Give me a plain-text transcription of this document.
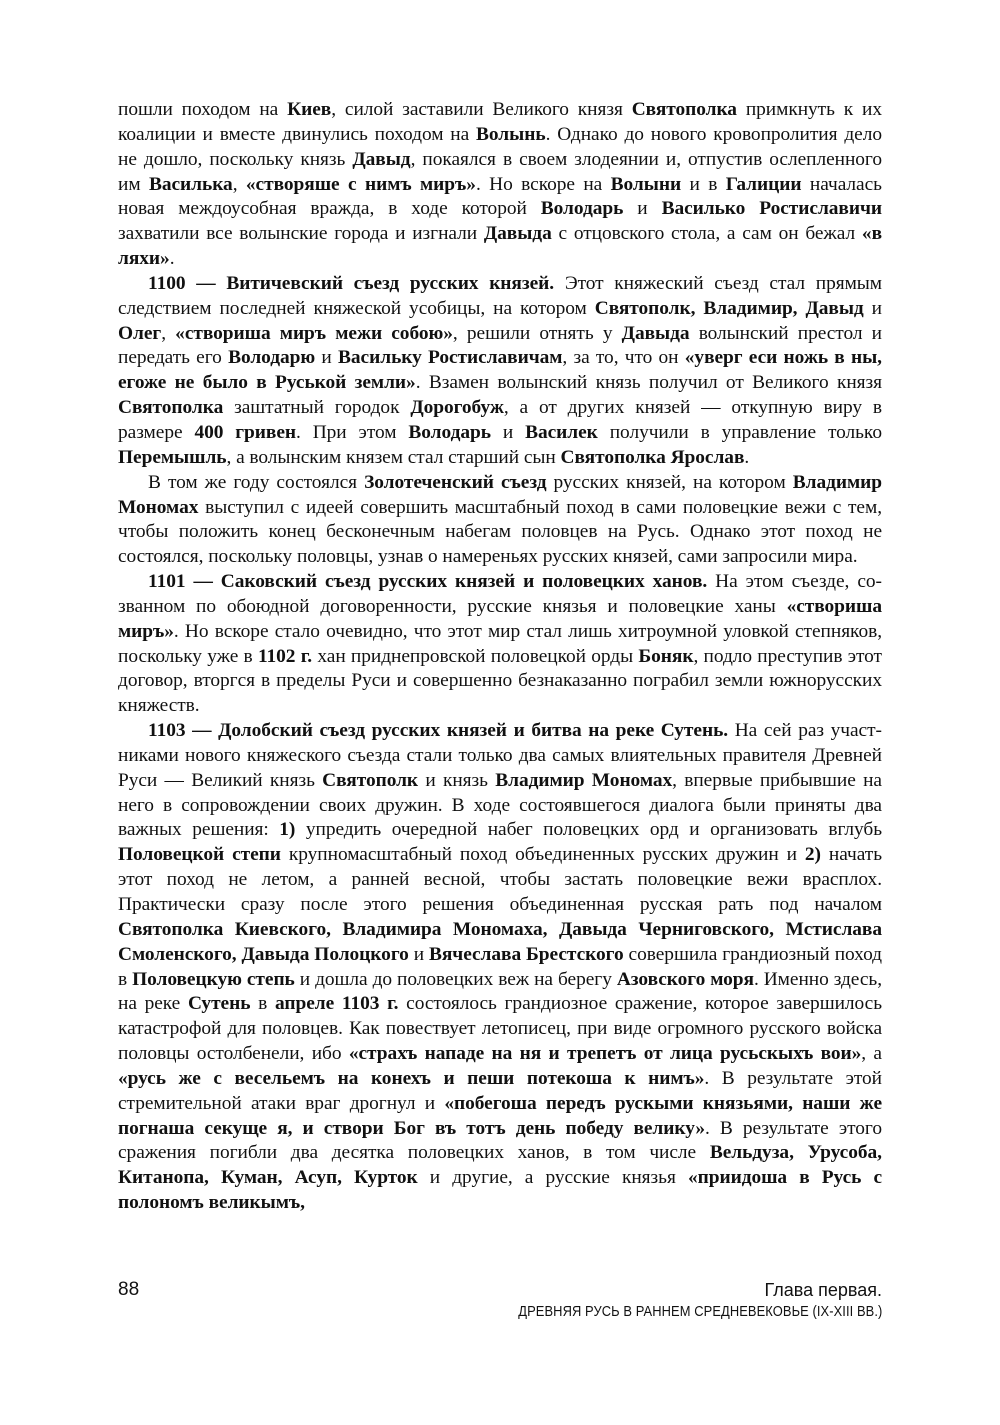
пошли походом на Киев, силой заставили Великого князя Святополка примкнуть к их коалиции и вместе двинулись походом на Волынь. Однако до нового кровопролития дело не дошло, поскольку князь Давыд, покаялся в своем злодеянии и, отпустив ослепленного им Василька, «створяше с нимъ миръ». Но вскоре на Волыни и в Галиции началась новая междоусобная вражда, в ходе которой Володарь и Василько Ростиславичи захватили все волынские города и изгнали Давыда с отцовского стола, а сам он бежал «в ляхи».

1100 — Витичевский съезд русских князей. Этот княжеский съезд стал прямым следствием последней княжеской усобицы, на котором Святополк, Владимир, Давыд и Олег, «створиша миръ межи собою», решили отнять у Давыда волынский престол и передать его Володарю и Васильку Ростиславичам, за то, что он «уверг еси ножь в ны, егоже не было в Руськой земли». Взамен волынский князь получил от Великого князя Святополка заштатный городок Дорогобуж, а от других князей — откупную виру в размере 400 гривен. При этом Володарь и Василек получили в управление только Перемышль, а волынским князем стал старший сын Святополка Ярослав.

В том же году состоялся Золотеченский съезд русских князей, на котором Владимир Мономах выступил с идеей совершить масштабный поход в сами половецкие вежи с тем, чтобы положить конец бесконечным набегам половцев на Русь. Однако этот поход не состоялся, поскольку половцы, узнав о намереньях русских князей, сами запросили мира.

1101 — Саковский съезд русских князей и половецких ханов. На этом съезде, созванном по обоюдной договоренности, русские князья и половецкие ханы «створиша миръ». Но вскоре стало очевидно, что этот мир стал лишь хитроумной уловкой степняков, поскольку уже в 1102 г. хан приднепровской половецкой орды Боняк, подло преступив этот договор, вторгся в пределы Руси и совершенно безнаказанно пограбил земли южнорусских княжеств.

1103 — Долобский съезд русских князей и битва на реке Сутень. На сей раз участниками нового княжеского съезда стали только два самых влиятельных правителя Древней Руси — Великий князь Святополк и князь Владимир Мономах, впервые прибывшие на него в сопровождении своих дружин. В ходе состоявшегося диалога были приняты два важных решения: 1) упредить очередной набег половецких орд и организовать вглубь Половецкой степи крупномасштабный поход объединенных русских дружин и 2) начать этот поход не летом, а ранней весной, чтобы застать половецкие вежи врасплох. Практически сразу после этого решения объединенная русская рать под началом Святополка Киевского, Владимира Мономаха, Давыда Черниговского, Мстислава Смоленского, Давыда Полоцкого и Вячеслава Брестского совершила грандиозный поход в Половецкую степь и дошла до половецких веж на берегу Азовского моря. Именно здесь, на реке Сутень в апреле 1103 г. состоялось грандиозное сражение, которое завершилось катастрофой для половцев. Как повествует летописец, при виде огромного русского войска половцы остолбенели, ибо «страхъ нападе на ня и трепетъ от лица русьскыхъ вои», а «русь же с весельемъ на конехъ и пеши потекоша к нимъ». В результате этой стремительной атаки враг дрогнул и «побегоша передъ рускыми князьями, наши же погнаша секуще я, и створи Бог въ тотъ день победу велику». В результате этого сражения погибли два десятка половецких ханов, в том числе Вельдуза, Урусоба, Китанопа, Куман, Асуп, Курток и другие, а русские князья «приидоша в Русь с полономъ великымъ,

88	Глава первая.
ДРЕВНЯЯ РУСЬ В РАННЕМ СРЕДНЕВЕКОВЬЕ (IX-XIII ВВ.)
